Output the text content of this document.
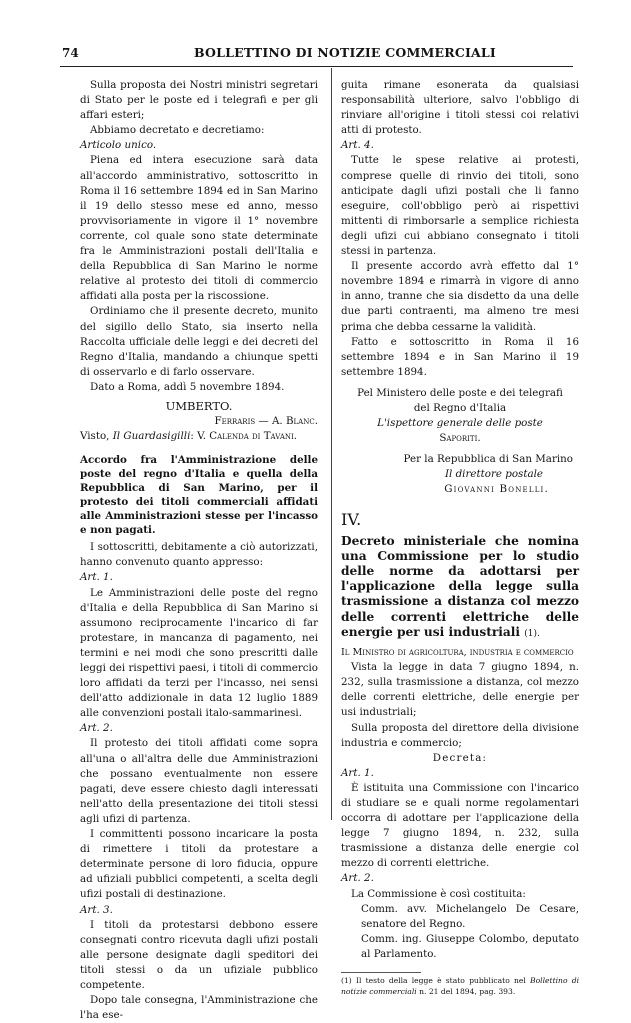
74	BOLLETTINO DI NOTIZIE COMMERCIALI

Sulla proposta dei Nostri ministri segretari di Stato per le poste ed i telegrafi e per gli affari esteri;

Abbiamo decretato e decretiamo:

Articolo unico.

Piena ed intera esecuzione sarà data all'accordo amministrativo, sottoscritto in Roma il 16 settembre 1894 ed in San Marino il 19 dello stesso mese ed anno, messo provvisoriamente in vigore il 1° novembre corrente, col quale sono state determinate fra le Amministrazioni postali dell'Italia e della Repubblica di San Marino le norme relative al protesto dei titoli di commercio affidati alla posta per la riscossione.

Ordiniamo che il presente decreto, munito del sigillo dello Stato, sia inserto nella Raccolta ufficiale delle leggi e dei decreti del Regno d'Italia, mandando a chiunque spetti di osservarlo e di farlo osservare.

Dato a Roma, addì 5 novembre 1894.

UMBERTO.

Ferraris — A. Blanc.

Visto, Il Guardasigilli: V. Calenda di Tavani.

Accordo fra l'Amministrazione delle poste del regno d'Italia e quella della Repubblica di San Marino, per il protesto dei titoli commerciali affidati alle Amministrazioni stesse per l'incasso e non pagati.

I sottoscritti, debitamente a ciò autorizzati, hanno convenuto quanto appresso:

Art. 1.

Le Amministrazioni delle poste del regno d'Italia e della Repubblica di San Marino si assumono reciprocamente l'incarico di far protestare, in mancanza di pagamento, nei termini e nei modi che sono prescritti dalle leggi dei rispettivi paesi, i titoli di commercio loro affidati da terzi per l'incasso, nei sensi dell'atto addizionale in data 12 luglio 1889 alle convenzioni postali italo-sammarinesi.

Art. 2.

Il protesto dei titoli affidati come sopra all'una o all'altra delle due Amministrazioni che possano eventualmente non essere pagati, deve essere chiesto dagli interessati nell'atto della presentazione dei titoli stessi agli ufizi di partenza.

I committenti possono incaricare la posta di rimettere i titoli da protestare a determinate persone di loro fiducia, oppure ad ufiziali pubblici competenti, a scelta degli ufizi postali di destinazione.

Art. 3.

I titoli da protestarsi debbono essere consegnati contro ricevuta dagli ufizi postali alle persone designate dagli speditori dei titoli stessi o da un ufiziale pubblico competente.

Dopo tale consegna, l'Amministrazione che l'ha ese-

guita rimane esonerata da qualsiasi responsabilità ulteriore, salvo l'obbligo di rinviare all'origine i titoli stessi coi relativi atti di protesto.

Art. 4.

Tutte le spese relative ai protesti, comprese quelle di rinvio dei titoli, sono anticipate dagli ufizi postali che li fanno eseguire, coll'obbligo però ai rispettivi mittenti di rimborsarle a semplice richiesta degli ufizi cui abbiano consegnato i titoli stessi in partenza.

Il presente accordo avrà effetto dal 1° novembre 1894 e rimarrà in vigore di anno in anno, tranne che sia disdetto da una delle due parti contraenti, ma almeno tre mesi prima che debba cessarne la validità.

Fatto e sottoscritto in Roma il 16 settembre 1894 e in San Marino il 19 settembre 1894.

Pel Ministero delle poste e dei telegrafi

del Regno d'Italia

L'ispettore generale delle poste

Saporiti.

Per la Repubblica di San Marino

Il direttore postale

Giovanni Bonelli.

IV.

Decreto ministeriale che nomina una Commissione per lo studio delle norme da adottarsi per l'applicazione della legge sulla trasmissione a distanza col mezzo delle correnti elettriche delle energie per usi industriali (1).

Il Ministro di agricoltura, industria e commercio

Vista la legge in data 7 giugno 1894, n. 232, sulla trasmissione a distanza, col mezzo delle correnti elettriche, delle energie per usi industriali;

Sulla proposta del direttore della divisione industria e commercio;

Decreta:

Art. 1.

È istituita una Commissione con l'incarico di studiare se e quali norme regolamentari occorra di adottare per l'applicazione della legge 7 giugno 1894, n. 232, sulla trasmissione a distanza delle energie col mezzo di correnti elettriche.

Art. 2.

La Commissione è così costituita:

Comm. avv. Michelangelo De Cesare, senatore del Regno.

Comm. ing. Giuseppe Colombo, deputato al Parlamento.

(1) Il testo della legge è stato pubblicato nel Bollettino di notizie commerciali n. 21 del 1894, pag. 393.
